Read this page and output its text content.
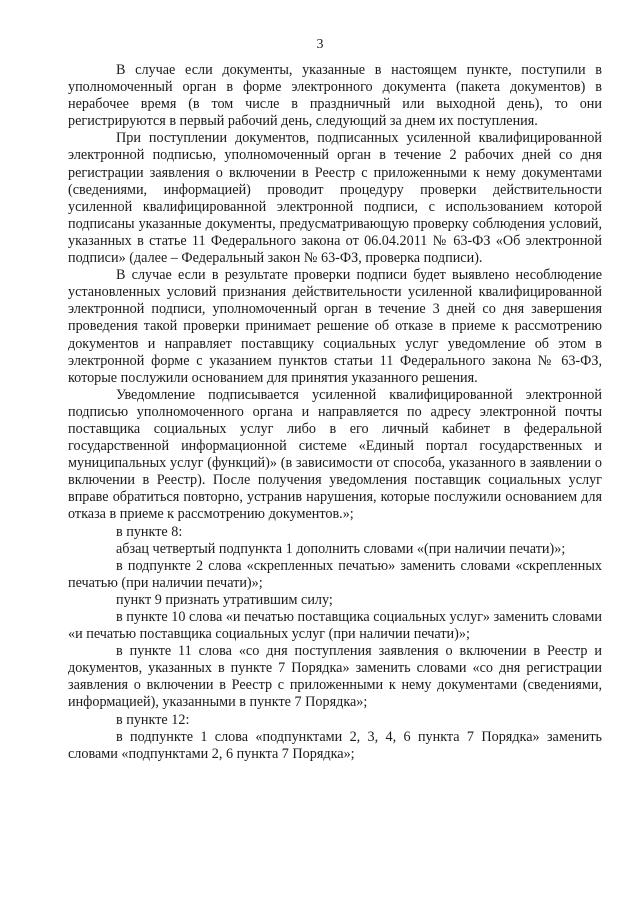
3

В случае если документы, указанные в настоящем пункте, поступили в уполномоченный орган в форме электронного документа (пакета документов) в нерабочее время (в том числе в праздничный или выходной день), то они регистрируются в первый рабочий день, следующий за днем их поступления.

При поступлении документов, подписанных усиленной квалифицированной электронной подписью, уполномоченный орган в течение 2 рабочих дней со дня регистрации заявления о включении в Реестр с приложенными к нему документами (сведениями, информацией) проводит процедуру проверки действительности усиленной квалифицированной электронной подписи, с использованием которой подписаны указанные документы, предусматривающую проверку соблюдения условий, указанных в статье 11 Федерального закона от 06.04.2011 № 63-ФЗ «Об электронной подписи» (далее – Федеральный закон № 63-ФЗ, проверка подписи).

В случае если в результате проверки подписи будет выявлено несоблюдение установленных условий признания действительности усиленной квалифицированной электронной подписи, уполномоченный орган в течение 3 дней со дня завершения проведения такой проверки принимает решение об отказе в приеме к рассмотрению документов и направляет поставщику социальных услуг уведомление об этом в электронной форме с указанием пунктов статьи 11 Федерального закона № 63-ФЗ, которые послужили основанием для принятия указанного решения.

Уведомление подписывается усиленной квалифицированной электронной подписью уполномоченного органа и направляется по адресу электронной почты поставщика социальных услуг либо в его личный кабинет в федеральной государственной информационной системе «Единый портал государственных и муниципальных услуг (функций)» (в зависимости от способа, указанного в заявлении о включении в Реестр). После получения уведомления поставщик социальных услуг вправе обратиться повторно, устранив нарушения, которые послужили основанием для отказа в приеме к рассмотрению документов.»;

в пункте 8:

абзац четвертый подпункта 1 дополнить словами «(при наличии печати)»;

в подпункте 2 слова «скрепленных печатью» заменить словами «скрепленных печатью (при наличии печати)»;

пункт 9 признать утратившим силу;

в пункте 10 слова «и печатью поставщика социальных услуг» заменить словами «и печатью поставщика социальных услуг (при наличии печати)»;

в пункте 11 слова «со дня поступления заявления о включении в Реестр и документов, указанных в пункте 7 Порядка» заменить словами «со дня регистрации заявления о включении в Реестр с приложенными к нему документами (сведениями, информацией), указанными в пункте 7 Порядка»;

в пункте 12:

в подпункте 1 слова «подпунктами 2, 3, 4, 6 пункта 7 Порядка» заменить словами «подпунктами 2, 6 пункта 7 Порядка»;
